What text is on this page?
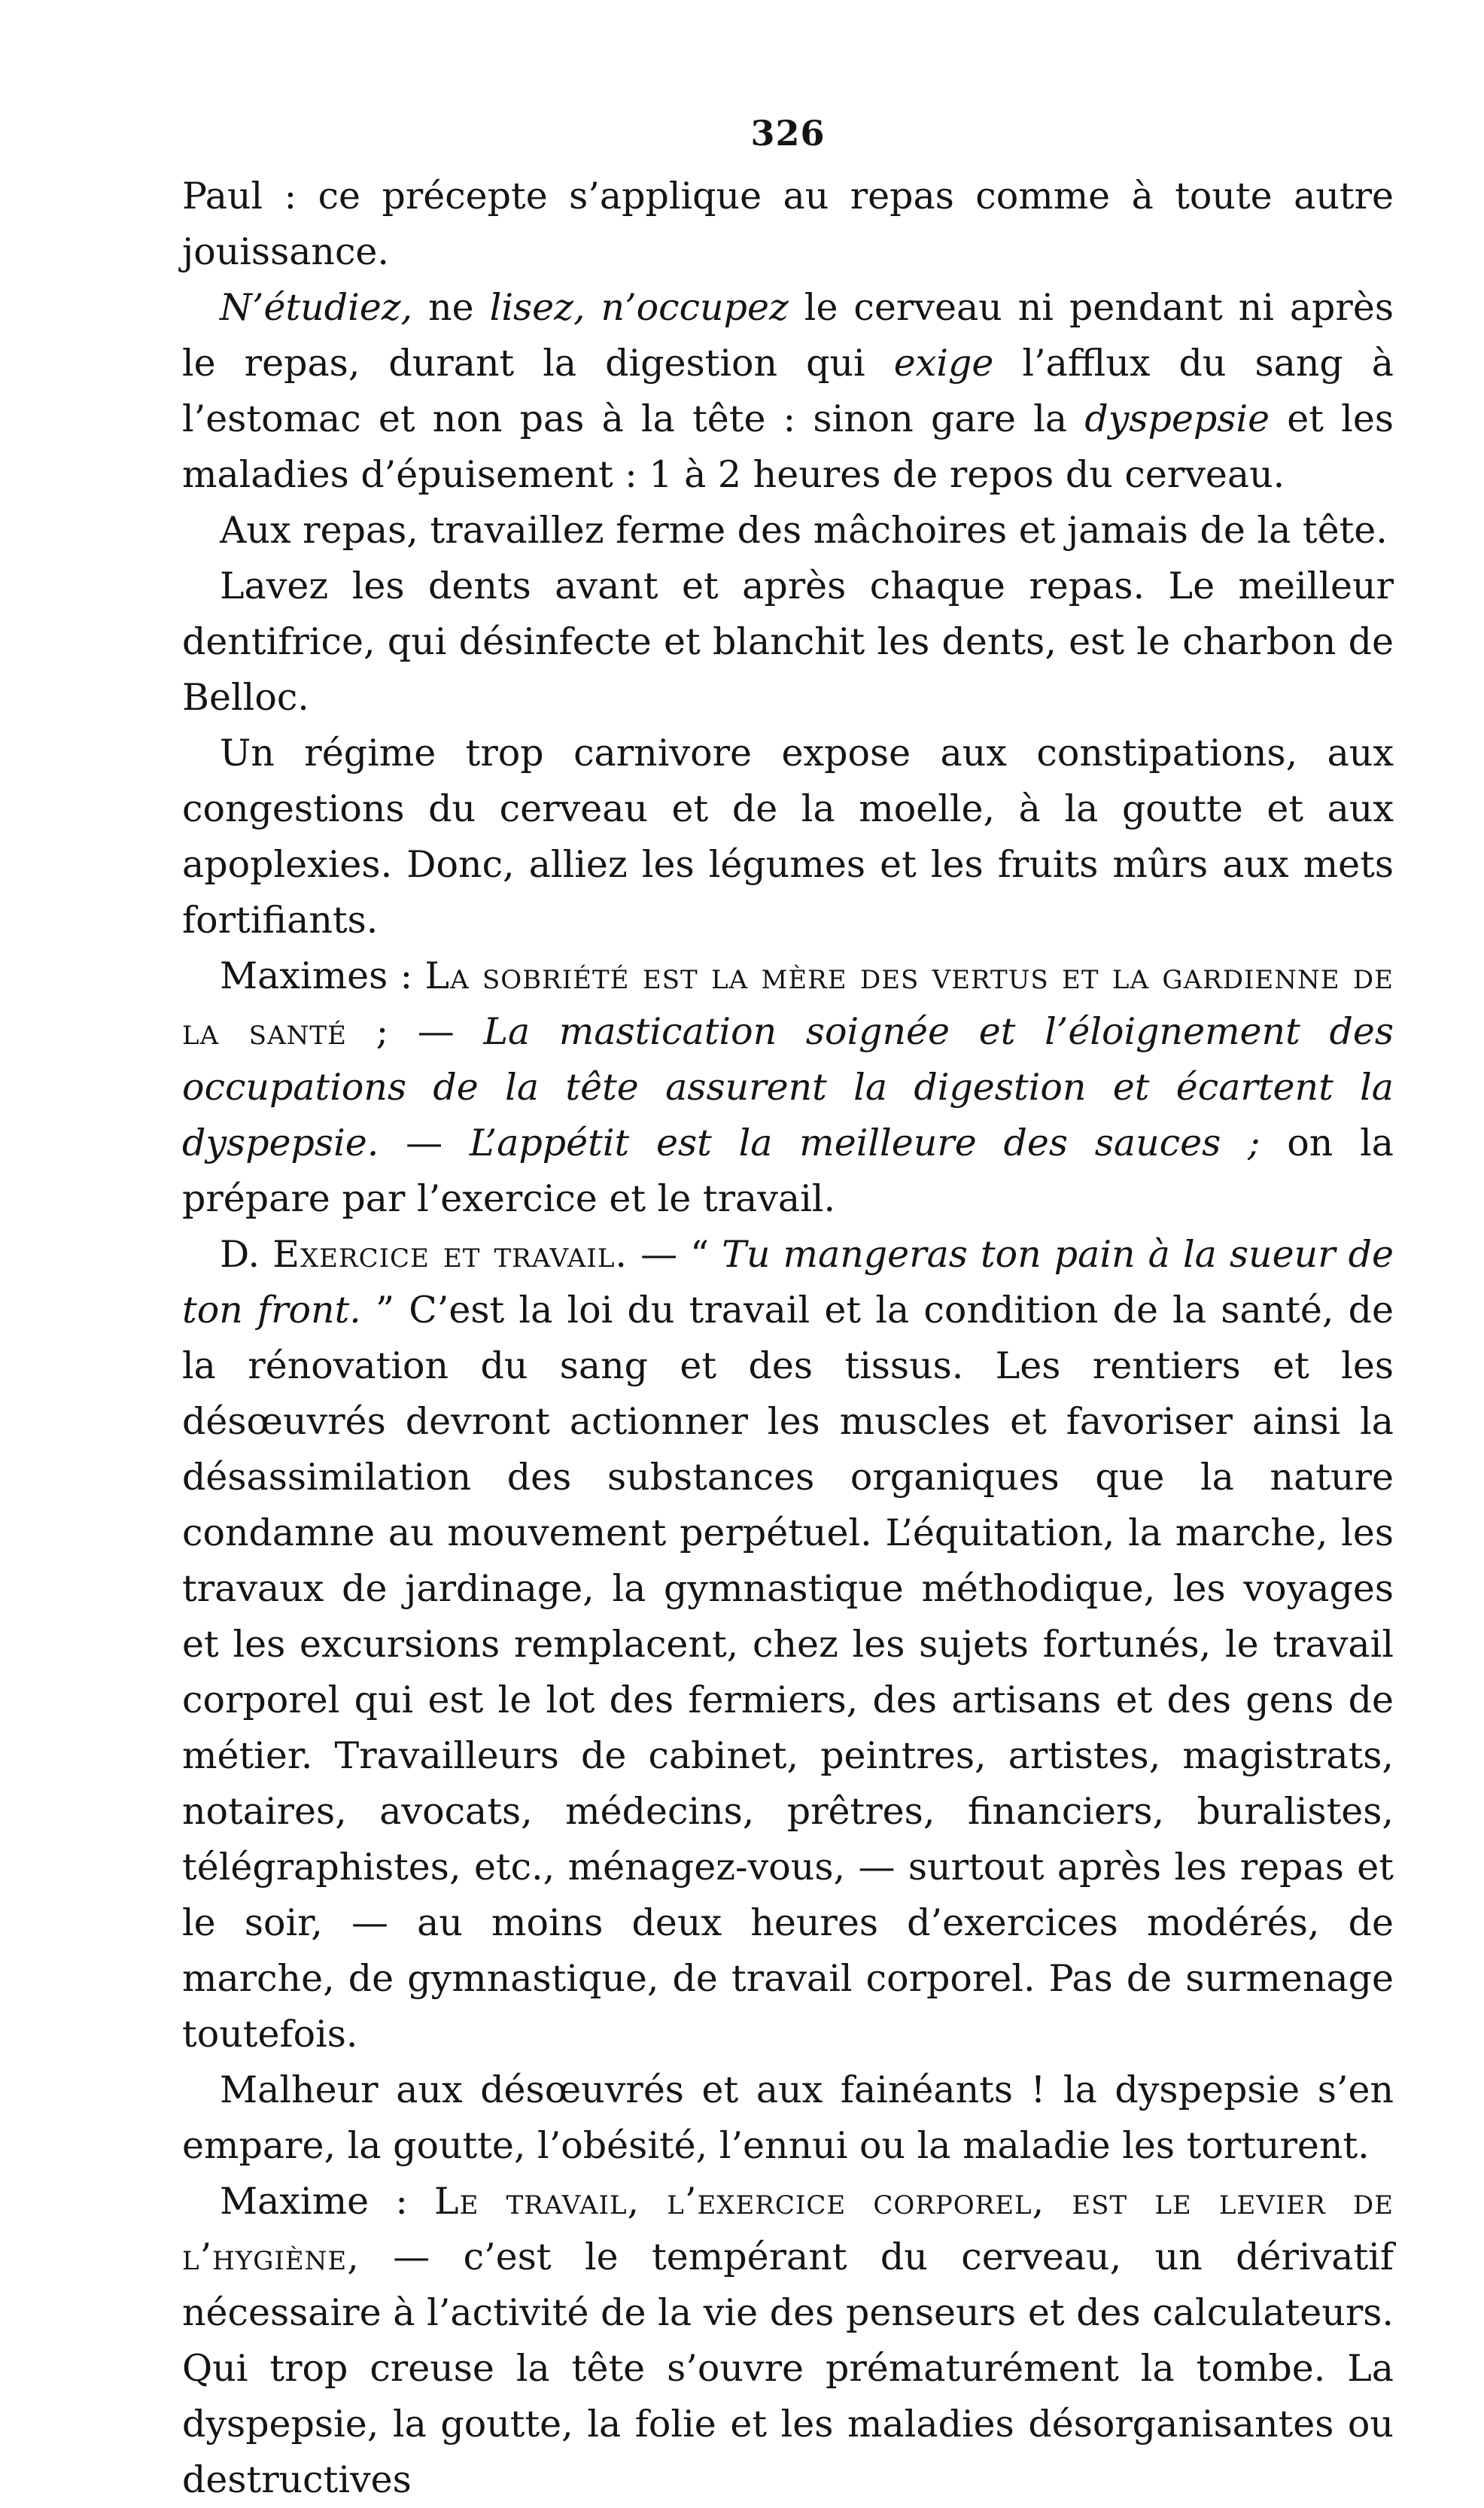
326

Paul : ce précepte s’applique au repas comme à toute autre jouissance.

N’étudiez, ne lisez, n’occupez le cerveau ni pendant ni après le repas, durant la digestion qui exige l’afflux du sang à l’estomac et non pas à la tête : sinon gare la dyspepsie et les maladies d’épuisement : 1 à 2 heures de repos du cerveau.

Aux repas, travaillez ferme des mâchoires et jamais de la tête.

Lavez les dents avant et après chaque repas. Le meilleur dentifrice, qui désinfecte et blanchit les dents, est le charbon de Belloc.

Un régime trop carnivore expose aux constipations, aux congestions du cerveau et de la moelle, à la goutte et aux apoplexies. Donc, alliez les légumes et les fruits mûrs aux mets fortifiants.

Maximes : La sobriété est la mère des vertus et la gardienne de la santé ; — La mastication soignée et l’éloignement des occupations de la tête assurent la digestion et écartent la dyspepsie. — L’appétit est la meilleure des sauces ; on la prépare par l’exercice et le travail.

D. Exercice et travail. — “ Tu mangeras ton pain à la sueur de ton front. ” C’est la loi du travail et la condition de la santé, de la rénovation du sang et des tissus. Les rentiers et les désœuvrés devront actionner les muscles et favoriser ainsi la désassimilation des substances organiques que la nature condamne au mouvement perpétuel. L’équitation, la marche, les travaux de jardinage, la gymnastique méthodique, les voyages et les excursions remplacent, chez les sujets fortunés, le travail corporel qui est le lot des fermiers, des artisans et des gens de métier. Travailleurs de cabinet, peintres, artistes, magistrats, notaires, avocats, médecins, prêtres, financiers, buralistes, télégraphistes, etc., ménagez-vous, — surtout après les repas et le soir, — au moins deux heures d’exercices modérés, de marche, de gymnastique, de travail corporel. Pas de surmenage toutefois.

Malheur aux désœuvrés et aux fainéants ! la dyspepsie s’en empare, la goutte, l’obésité, l’ennui ou la maladie les torturent.

Maxime : Le travail, l’exercice corporel, est le levier de l’hygiène, — c’est le tempérant du cerveau, un dérivatif nécessaire à l’activité de la vie des penseurs et des calculateurs. Qui trop creuse la tête s’ouvre prématurément la tombe. La dyspepsie, la goutte, la folie et les maladies désorganisantes ou destructives
